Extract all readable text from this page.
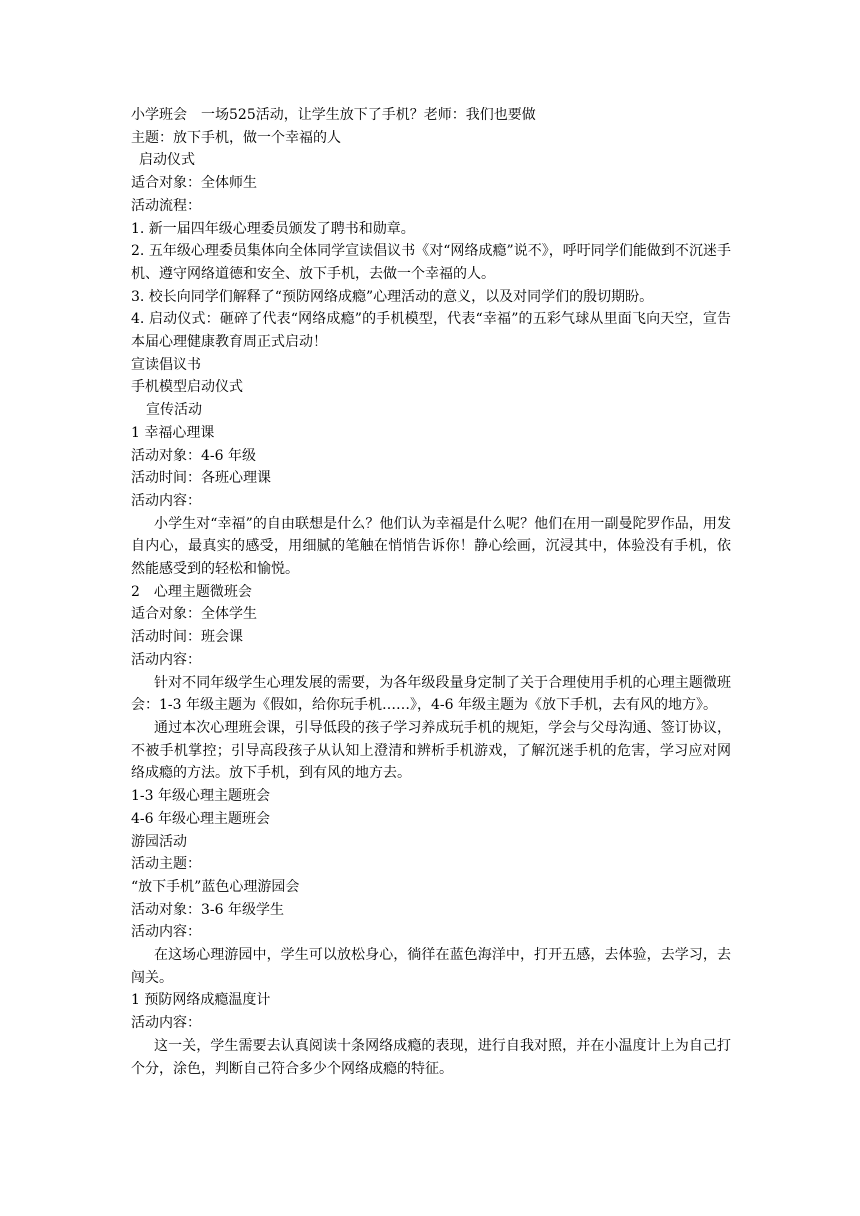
小学班会　一场525活动，让学生放下了手机？老师：我们也要做

主题：放下手机，做一个幸福的人

启动仪式

适合对象：全体师生

活动流程：

1. 新一届四年级心理委员颁发了聘书和勋章。

2. 五年级心理委员集体向全体同学宣读倡议书《对“网络成瘾”说不》，呼吁同学们能做到不沉迷手机、遵守网络道德和安全、放下手机，去做一个幸福的人。

3. 校长向同学们解释了“预防网络成瘾”心理活动的意义，以及对同学们的殷切期盼。

4. 启动仪式：砸碎了代表“网络成瘾”的手机模型，代表“幸福”的五彩气球从里面飞向天空，宣告本届心理健康教育周正式启动！

宣读倡议书

手机模型启动仪式

宣传活动

1 幸福心理课

活动对象：4-6 年级

活动时间：各班心理课

活动内容：

小学生对“幸福”的自由联想是什么？他们认为幸福是什么呢？他们在用一副曼陀罗作品，用发自内心，最真实的感受，用细腻的笔触在悄悄告诉你！静心绘画，沉浸其中，体验没有手机，依然能感受到的轻松和愉悦。

2　心理主题微班会

适合对象：全体学生

活动时间：班会课

活动内容：

针对不同年级学生心理发展的需要，为各年级段量身定制了关于合理使用手机的心理主题微班会：1-3 年级主题为《假如，给你玩手机……》，4-6 年级主题为《放下手机，去有风的地方》。

通过本次心理班会课，引导低段的孩子学习养成玩手机的规矩，学会与父母沟通、签订协议，不被手机掌控；引导高段孩子从认知上澄清和辨析手机游戏，了解沉迷手机的危害，学习应对网络成瘾的方法。放下手机，到有风的地方去。

1-3 年级心理主题班会

4-6 年级心理主题班会

游园活动

活动主题：

“放下手机”蓝色心理游园会

活动对象：3-6 年级学生

活动内容：

在这场心理游园中，学生可以放松身心，徜徉在蓝色海洋中，打开五感，去体验，去学习，去闯关。

1 预防网络成瘾温度计

活动内容：

这一关，学生需要去认真阅读十条网络成瘾的表现，进行自我对照，并在小温度计上为自己打个分，涂色，判断自己符合多少个网络成瘾的特征。
